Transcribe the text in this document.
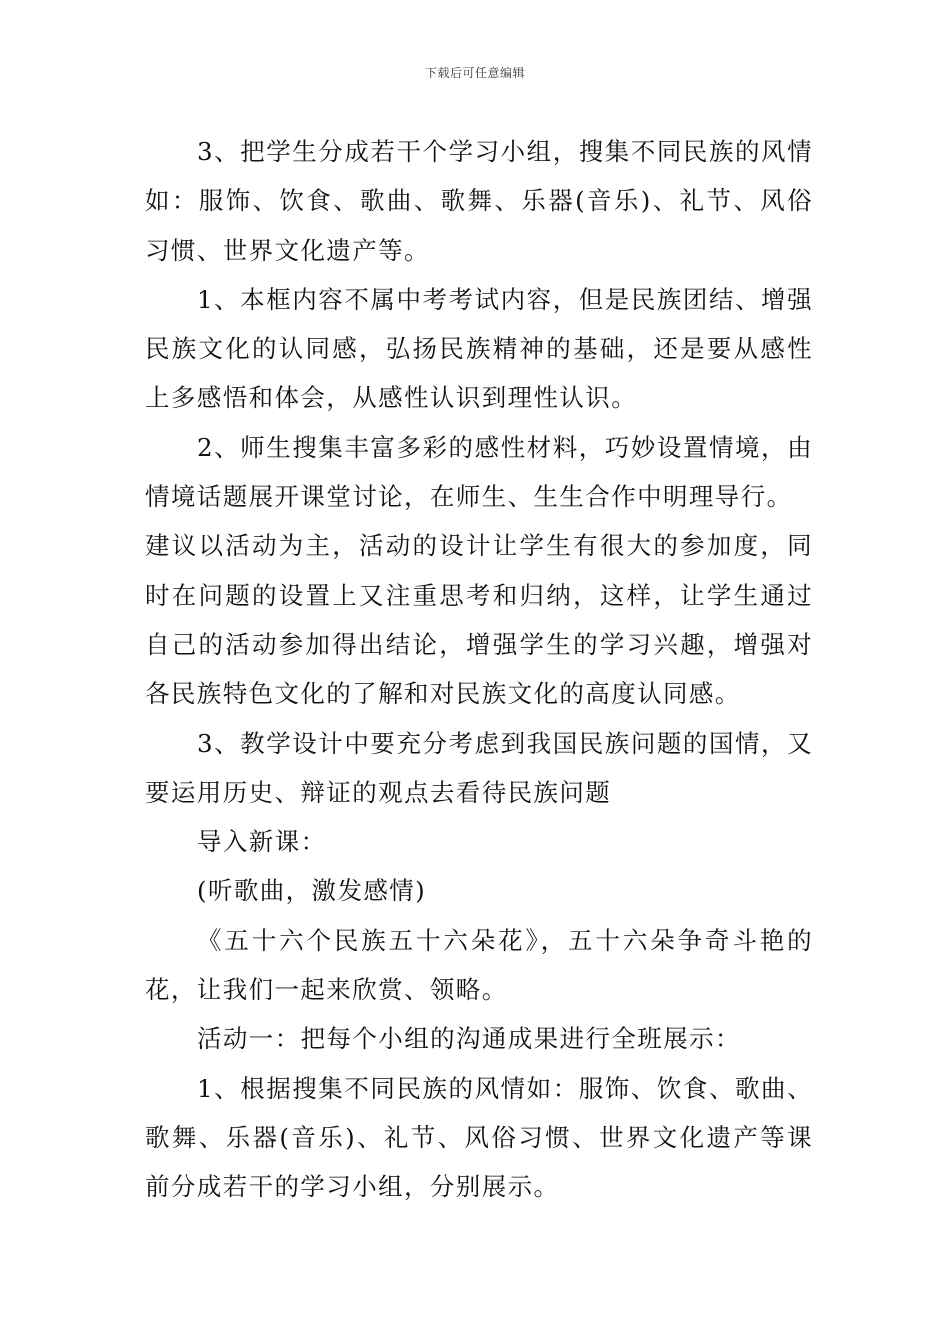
下载后可任意编辑

3、把学生分成若干个学习小组，搜集不同民族的风情如：服饰、饮食、歌曲、歌舞、乐器(音乐)、礼节、风俗习惯、世界文化遗产等。

1、本框内容不属中考考试内容，但是民族团结、增强民族文化的认同感，弘扬民族精神的基础，还是要从感性上多感悟和体会，从感性认识到理性认识。

2、师生搜集丰富多彩的感性材料，巧妙设置情境，由情境话题展开课堂讨论，在师生、生生合作中明理导行。

建议以活动为主，活动的设计让学生有很大的参加度，同时在问题的设置上又注重思考和归纳，这样，让学生通过自己的活动参加得出结论，增强学生的学习兴趣，增强对各民族特色文化的了解和对民族文化的高度认同感。

3、教学设计中要充分考虑到我国民族问题的国情，又要运用历史、辩证的观点去看待民族问题

导入新课：

(听歌曲，激发感情)

《五十六个民族五十六朵花》，五十六朵争奇斗艳的花，让我们一起来欣赏、领略。

活动一：把每个小组的沟通成果进行全班展示：

1、根据搜集不同民族的风情如：服饰、饮食、歌曲、歌舞、乐器(音乐)、礼节、风俗习惯、世界文化遗产等课前分成若干的学习小组，分别展示。
